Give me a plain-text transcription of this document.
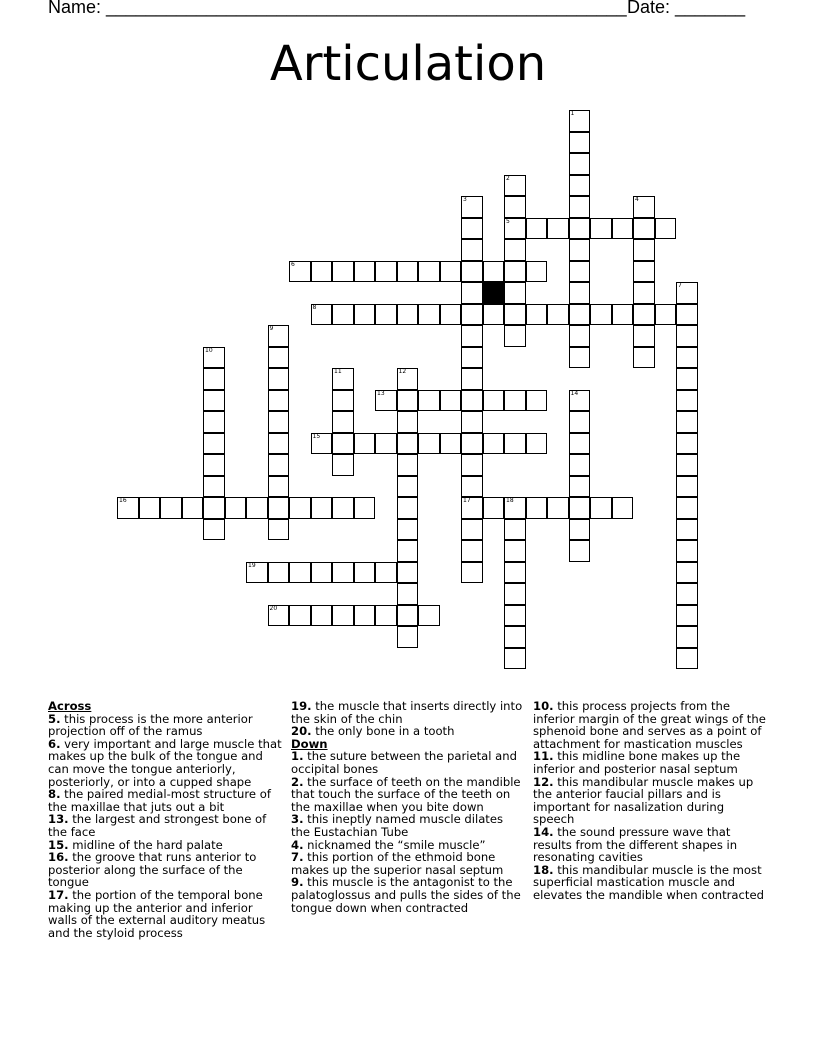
Name: ____________________________________________________ Date: _______
Articulation
1
2
5
3
17
4
6
7
8
9
10
11	12
13	14
15
16	18
19
20
Across
5. this process is the more anterior projection off of the ramus
6. very important and large muscle that makes up the bulk of the tongue and can move the tongue anteriorly, posteriorly, or into a cupped shape
8. the paired medial-most structure of the maxillae that juts out a bit
13. the largest and strongest bone of the face
15. midline of the hard palate
16. the groove that runs anterior to posterior along the surface of the tongue
17. the portion of the temporal bone making up the anterior and inferior walls of the external auditory meatus and the styloid process
19. the muscle that inserts directly into the skin of the chin
20. the only bone in a tooth
Down
1. the suture between the parietal and occipital bones
2. the surface of teeth on the mandible that touch the surface of the teeth on the maxillae when you bite down
3. this ineptly named muscle dilates the Eustachian Tube
4. nicknamed the “smile muscle”
7. this portion of the ethmoid bone makes up the superior nasal septum
9. this muscle is the antagonist to the palatoglossus and pulls the sides of the tongue down when contracted
10. this process projects from the inferior margin of the great wings of the sphenoid bone and serves as a point of attachment for mastication muscles
11. this midline bone makes up the inferior and posterior nasal septum
12. this mandibular muscle makes up the anterior faucial pillars and is important for nasalization during speech
14. the sound pressure wave that results from the different shapes in resonating cavities
18. this mandibular muscle is the most superficial mastication muscle and elevates the mandible when contracted
